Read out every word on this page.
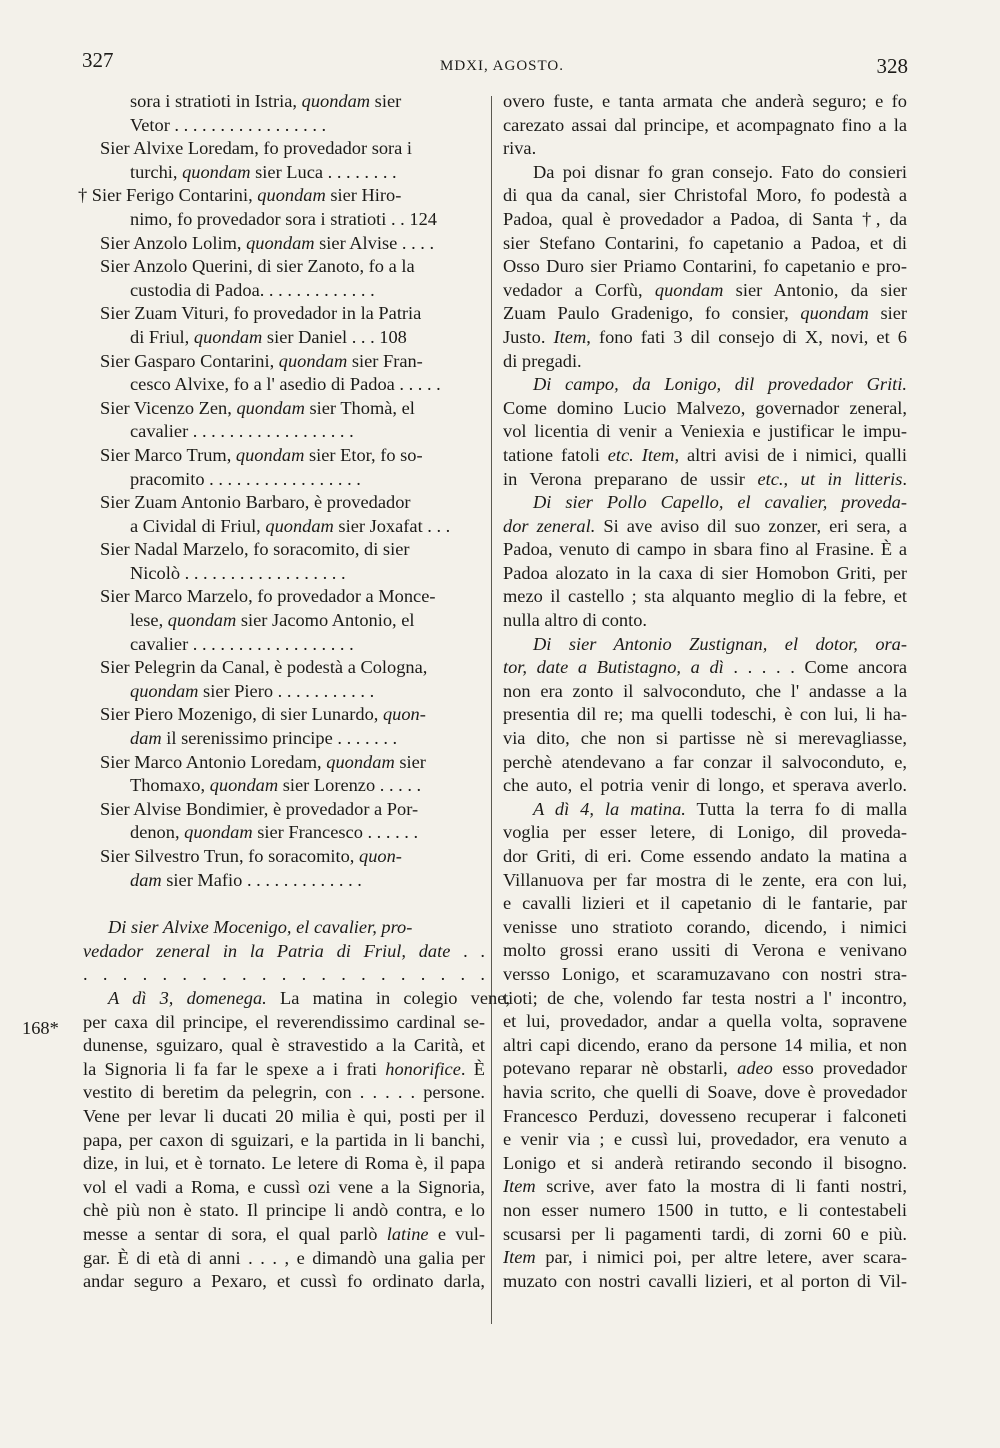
327	MDXI, AGOSTO.	328
168*
sora i stratioti in Istria, quondam sier
Vetor . . . . . . . . . . . . . . . . .
Sier Alvixe Loredam, fo provedador sora i
turchi, quondam sier Luca . . . . . . . .
† Sier Ferigo Contarini, quondam sier Hiro-
nimo, fo provedador sora i stratioti . . 124
Sier Anzolo Lolim, quondam sier Alvise . . . .
Sier Anzolo Querini, di sier Zanoto, fo a la
custodia di Padoa. . . . . . . . . . . . .
Sier Zuam Vituri, fo provedador in la Patria
di Friul, quondam sier Daniel . . . 108
Sier Gasparo Contarini, quondam sier Fran-
cesco Alvixe, fo a l' asedio di Padoa . . . . .
Sier Vicenzo Zen, quondam sier Thomà, el
cavalier . . . . . . . . . . . . . . . . . .
Sier Marco Trum, quondam sier Etor, fo so-
pracomito . . . . . . . . . . . . . . . . .
Sier Zuam Antonio Barbaro, è provedador
a Cividal di Friul, quondam sier Joxafat . . .
Sier Nadal Marzelo, fo soracomito, di sier
Nicolò . . . . . . . . . . . . . . . . . .
Sier Marco Marzelo, fo provedador a Monce-
lese, quondam sier Jacomo Antonio, el
cavalier . . . . . . . . . . . . . . . . . .
Sier Pelegrin da Canal, è podestà a Cologna,
quondam sier Piero . . . . . . . . . . .
Sier Piero Mozenigo, di sier Lunardo, quon-
dam il serenissimo principe . . . . . . .
Sier Marco Antonio Loredam, quondam sier
Thomaxo, quondam sier Lorenzo . . . . .
Sier Alvise Bondimier, è provedador a Por-
denon, quondam sier Francesco . . . . . .
Sier Silvestro Trun, fo soracomito, quon-
dam sier Mafio . . . . . . . . . . . . .
Di sier Alvixe Mocenigo, el cavalier, pro-
vedador zeneral in la Patria di Friul, date . .
. . . . . . . . . . . . . . . . . . . . .
A dì 3, domenega. La matina in colegio vene,
per caxa dil principe, el reverendissimo cardinal se-
dunense, sguizaro, qual è stravestido a la Carità, et
la Signoria li fa far le spexe a i frati honorifice. È
vestito di beretim da pelegrin, con . . . . . persone.
Vene per levar li ducati 20 milia è qui, posti per il
papa, per caxon di sguizari, e la partida in li banchi,
dize, in lui, et è tornato. Le letere di Roma è, il papa
vol el vadi a Roma, e cussì ozi vene a la Signoria,
chè più non è stato. Il principe li andò contra, e lo
messe a sentar di sora, el qual parlò latine e vul-
gar. È di età di anni . . . , e dimandò una galia per
andar seguro a Pexaro, et cussì fo ordinato darla,
overo fuste, e tanta armata che anderà seguro; e fo
carezato assai dal principe, et acompagnato fino a la
riva.
Da poi disnar fo gran consejo. Fato do consieri
di qua da canal, sier Christofal Moro, fo podestà a
Padoa, qual è provedador a Padoa, di Santa †, da
sier Stefano Contarini, fo capetanio a Padoa, et di
Osso Duro sier Priamo Contarini, fo capetanio e pro-
vedador a Corfù, quondam sier Antonio, da sier
Zuam Paulo Gradenigo, fo consier, quondam sier
Justo. Item, fono fati 3 dil consejo di X, novi, et 6
di pregadi.
Di campo, da Lonigo, dil provedador Griti.
Come domino Lucio Malvezo, governador zeneral,
vol licentia di venir a Veniexia e justificar le impu-
tatione fatoli etc. Item, altri avisi de i nimici, qualli
in Verona preparano de ussir etc., ut in litteris.
Di sier Pollo Capello, el cavalier, proveda-
dor zeneral. Si ave aviso dil suo zonzer, eri sera, a
Padoa, venuto di campo in sbara fino al Frasine. È a
Padoa alozato in la caxa di sier Homobon Griti, per
mezo il castello ; sta alquanto meglio di la febre, et
nulla altro di conto.
Di sier Antonio Zustignan, el dotor, ora-
tor, date a Butistagno, a dì . . . . . Come ancora
non era zonto il salvoconduto, che l' andasse a la
presentia dil re; ma quelli todeschi, è con lui, li ha-
via dito, che non si partisse nè si merevagliasse,
perchè atendevano a far conzar il salvoconduto, e,
che auto, el potria venir di longo, et sperava averlo.
A dì 4, la matina. Tutta la terra fo di malla
voglia per esser letere, di Lonigo, dil proveda-
dor Griti, di eri. Come essendo andato la matina a
Villanuova per far mostra di le zente, era con lui,
e cavalli lizieri et il capetanio di le fantarie, par
venisse uno stratioto corando, dicendo, i nimici
molto grossi erano ussiti di Verona e venivano
versso Lonigo, et scaramuzavano con nostri stra-
tioti; de che, volendo far testa nostri a l' incontro,
et lui, provedador, andar a quella volta, sopravene
altri capi dicendo, erano da persone 14 milia, et non
potevano reparar nè obstarli, adeo esso provedador
havia scrito, che quelli di Soave, dove è provedador
Francesco Perduzi, dovesseno recuperar i falconeti
e venir via ; e cussì lui, provedador, era venuto a
Lonigo et si anderà retirando secondo il bisogno.
Item scrive, aver fato la mostra di li fanti nostri,
non esser numero 1500 in tutto, e li contestabeli
scusarsi per li pagamenti tardi, di zorni 60 e più.
Item par, i nimici poi, per altre letere, aver scara-
muzato con nostri cavalli lizieri, et al porton di Vil-
